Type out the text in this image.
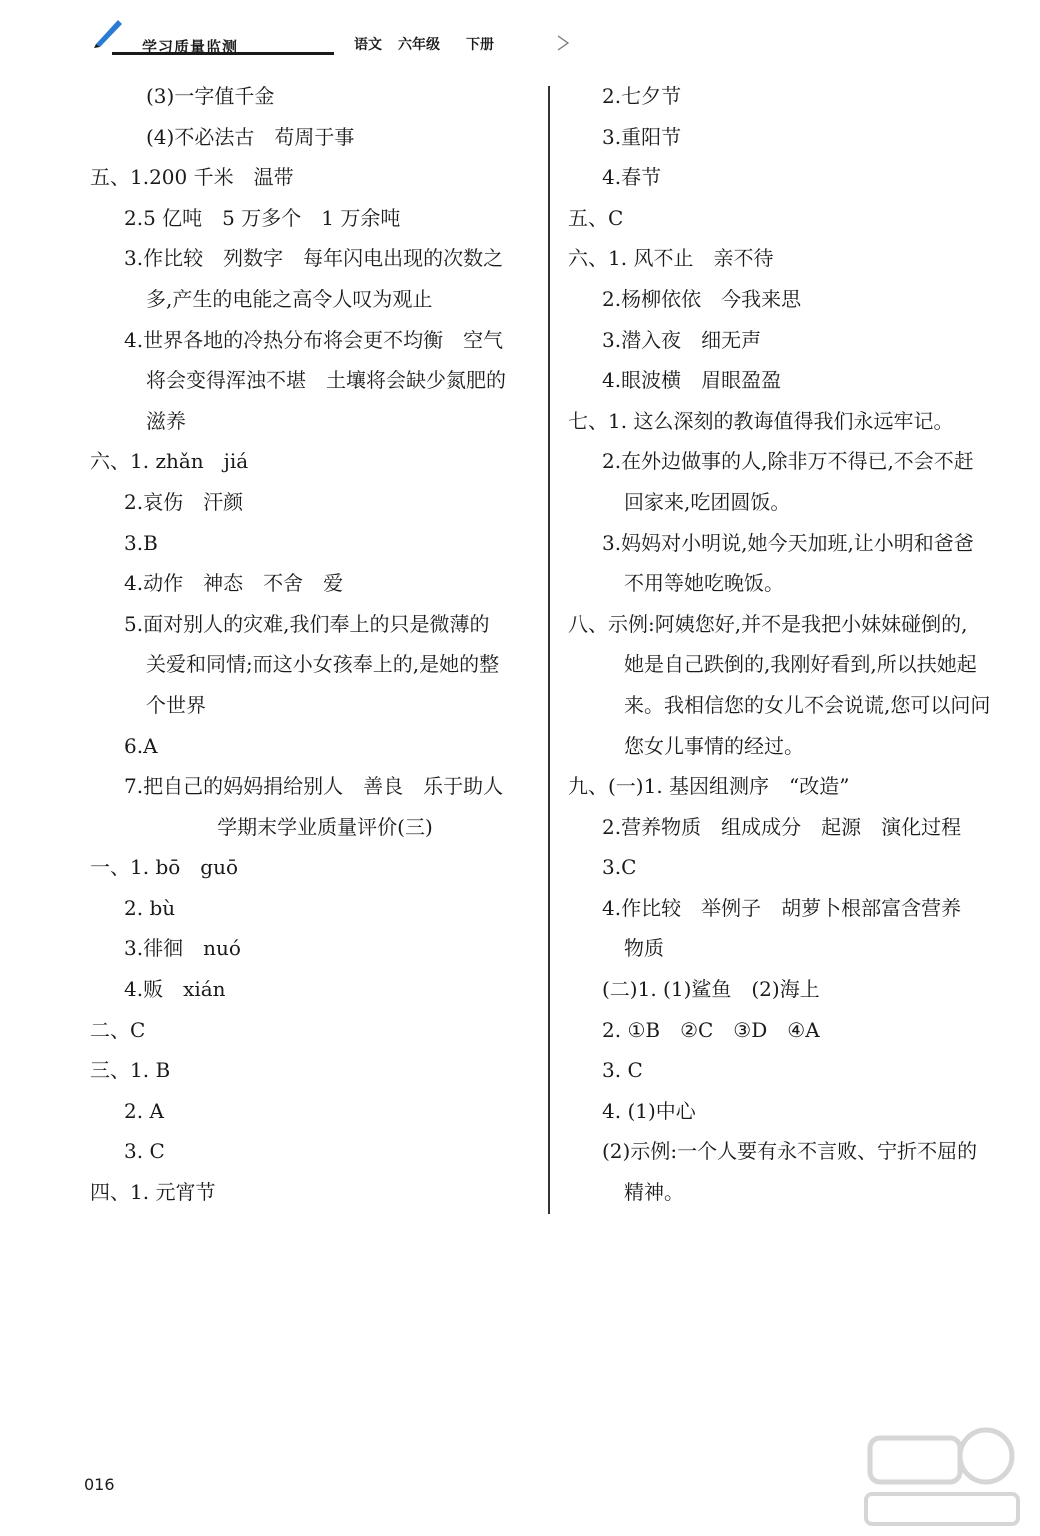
学习质量监测	语文 六年级 下册
(3)一字值千金
(4)不必法古　苟周于事
五、1.200 千米　温带
2.5 亿吨　5 万多个　1 万余吨
3.作比较　列数字　每年闪电出现的次数之
多,产生的电能之高令人叹为观止
4.世界各地的冷热分布将会更不均衡　空气
将会变得浑浊不堪　土壤将会缺少氮肥的
滋养
六、1. zhǎn　jiá
2.哀伤　汗颜
3.B
4.动作　神态　不舍　爱
5.面对别人的灾难,我们奉上的只是微薄的
关爱和同情;而这小女孩奉上的,是她的整
个世界
6.A
7.把自己的妈妈捐给别人　善良　乐于助人
学期末学业质量评价(三)
一、1. bō　guō
2. bù
3.徘徊　nuó
4.贩　xián
二、C
三、1. B
2. A
3. C
四、1. 元宵节
2.七夕节
3.重阳节
4.春节
五、C
六、1. 风不止　亲不待
2.杨柳依依　今我来思
3.潜入夜　细无声
4.眼波横　眉眼盈盈
七、1. 这么深刻的教诲值得我们永远牢记。
2.在外边做事的人,除非万不得已,不会不赶
回家来,吃团圆饭。
3.妈妈对小明说,她今天加班,让小明和爸爸
不用等她吃晚饭。
八、示例:阿姨您好,并不是我把小妹妹碰倒的,
她是自己跌倒的,我刚好看到,所以扶她起
来。我相信您的女儿不会说谎,您可以问问
您女儿事情的经过。
九、(一)1. 基因组测序　“改造”
2.营养物质　组成成分　起源　演化过程
3.C
4.作比较　举例子　胡萝卜根部富含营养
物质
(二)1. (1)鲨鱼　(2)海上
2. ①B　②C　③D　④A
3. C
4. (1)中心
(2)示例:一个人要有永不言败、宁折不屈的
精神。
016
